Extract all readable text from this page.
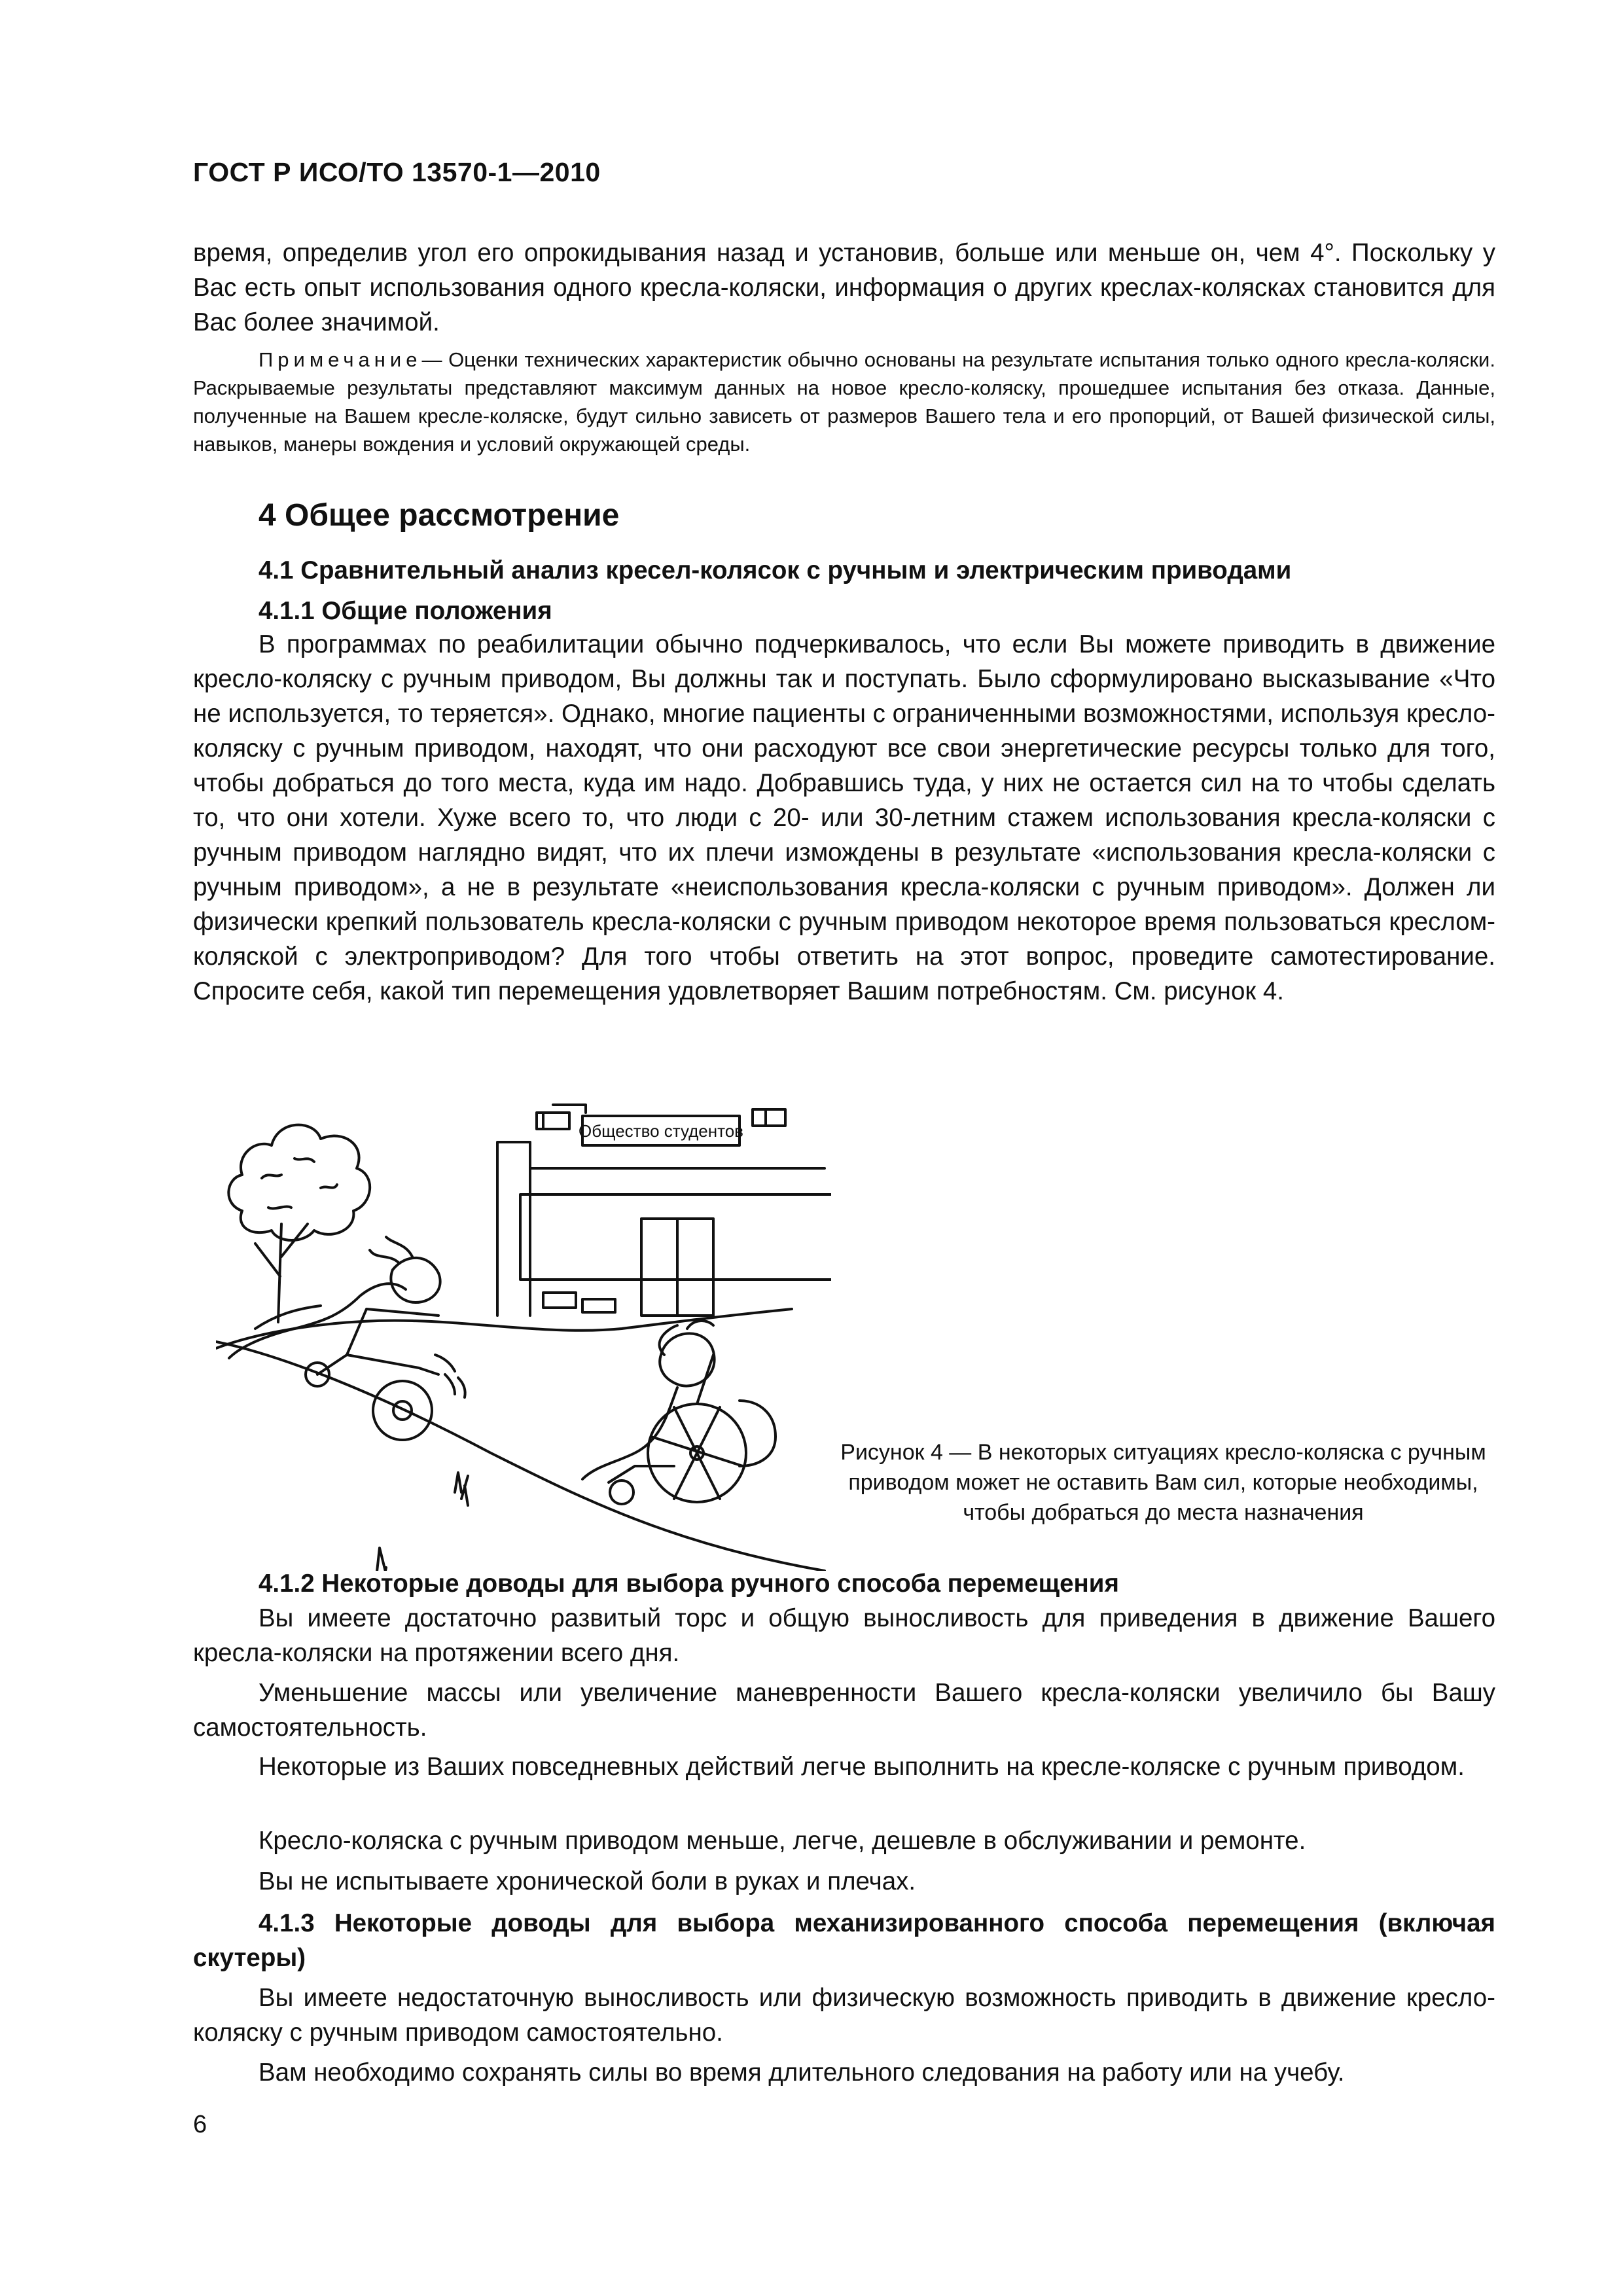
ГОСТ Р ИСО/ТО 13570-1—2010

время, определив угол его опрокидывания назад и установив, больше или меньше он, чем 4°. Поскольку у Вас есть опыт использования одного кресла-коляски, информация о других креслах-колясках становится для Вас более значимой.

Примечание— Оценки технических характеристик обычно основаны на результате испытания только одного кресла-коляски. Раскрываемые результаты представляют максимум данных на новое кресло-коляску, прошедшее испытания без отказа. Данные, полученные на Вашем кресле-коляске, будут сильно зависеть от размеров Вашего тела и его пропорций, от Вашей физической силы, навыков, манеры вождения и условий окружающей среды.

4 Общее рассмотрение
4.1 Сравнительный анализ кресел-колясок с ручным и электрическим приводами
4.1.1 Общие положения

В программах по реабилитации обычно подчеркивалось, что если Вы можете приводить в движение кресло-коляску с ручным приводом, Вы должны так и поступать. Было сформулировано высказывание «Что не используется, то теряется». Однако, многие пациенты с ограниченными возможностями, используя кресло-коляску с ручным приводом, находят, что они расходуют все свои энергетические ресурсы только для того, чтобы добраться до того места, куда им надо. Добравшись туда, у них не остается сил на то чтобы сделать то, что они хотели. Хуже всего то, что люди с 20- или 30-летним стажем использования кресла-коляски с ручным приводом наглядно видят, что их плечи измождены в результате «использования кресла-коляски с ручным приводом», а не в результате «неиспользования кресла-коляски с ручным приводом». Должен ли физически крепкий пользователь кресла-коляски с ручным приводом некоторое время пользоваться креслом-коляской с электроприводом? Для того чтобы ответить на этот вопрос, проведите самотестирование. Спросите себя, какой тип перемещения удовлетворяет Вашим потребностям. См. рисунок 4.

Общество студентов
Рисунок 4 — В некоторых ситуациях кресло-коляска с ручным приводом может не оставить Вам сил, которые необходимы, чтобы добраться до места назначения
4.1.2 Некоторые доводы для выбора ручного способа перемещения

Вы имеете достаточно развитый торс и общую выносливость для приведения в движение Вашего кресла-коляски на протяжении всего дня.

Уменьшение массы или увеличение маневренности Вашего кресла-коляски увеличило бы Вашу самостоятельность.

Некоторые из Ваших повседневных действий легче выполнить на кресле-коляске с ручным приводом.

Кресло-коляска с ручным приводом меньше, легче, дешевле в обслуживании и ремонте.

Вы не испытываете хронической боли в руках и плечах.

4.1.3 Некоторые доводы для выбора механизированного способа перемещения (включая скутеры)

Вы имеете недостаточную выносливость или физическую возможность приводить в движение кресло-коляску с ручным приводом самостоятельно.

Вам необходимо сохранять силы во время длительного следования на работу или на учебу.

6
